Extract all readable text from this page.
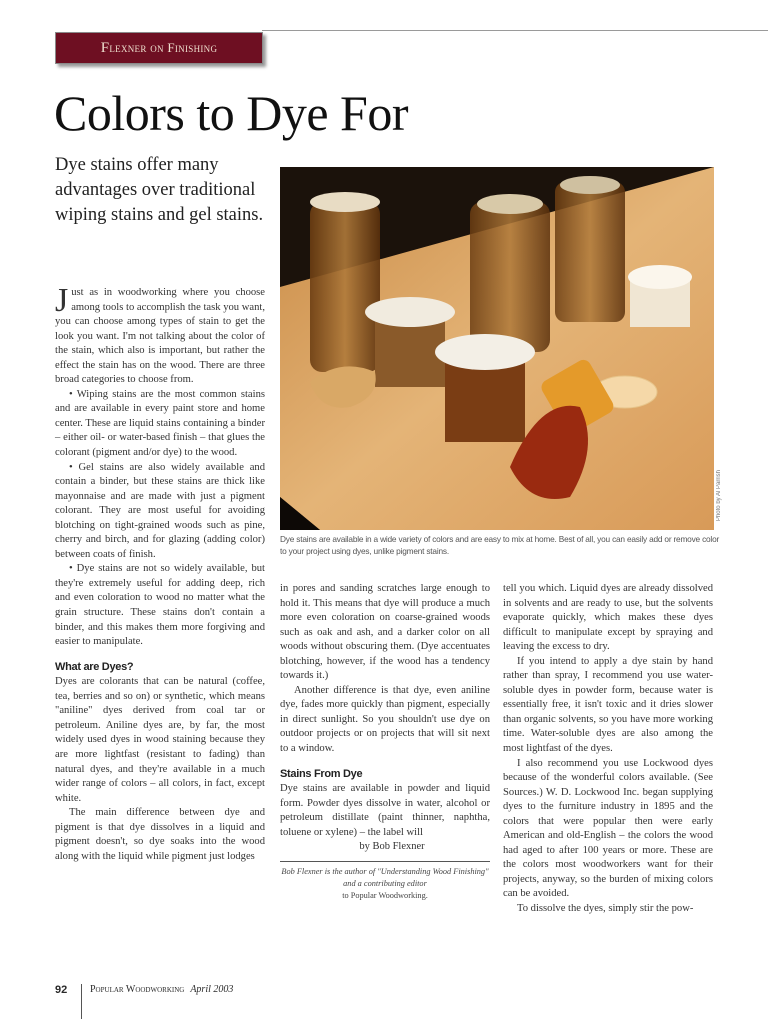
Flexner on Finishing
Colors to Dye For

Dye stains offer many advantages over traditional wiping stains and gel stains.

Photo by Al Parrish
Dye stains are available in a wide variety of colors and are easy to mix at home. Best of all, you can easily add or remove color to your project using dyes, unlike pigment stains.

Just as in woodworking where you choose among tools to accomplish the task you want, you can choose among types of stain to get the look you want. I'm not talking about the color of the stain, which also is important, but rather the effect the stain has on the wood. There are three broad categories to choose from.

• Wiping stains are the most common stains and are available in every paint store and home center. These are liquid stains containing a binder – either oil- or water-based finish – that glues the colorant (pigment and/or dye) to the wood.

• Gel stains are also widely available and contain a binder, but these stains are thick like mayonnaise and are made with just a pigment colorant. They are most useful for avoiding blotching on tight-grained woods such as pine, cherry and birch, and for glazing (adding color) between coats of finish.

• Dye stains are not so widely available, but they're extremely useful for adding deep, rich and even coloration to wood no matter what the grain structure. These stains don't contain a binder, and this makes them more forgiving and easier to manipulate.

What are Dyes?

Dyes are colorants that can be natural (coffee, tea, berries and so on) or synthetic, which means "aniline" dyes derived from coal tar or petroleum. Aniline dyes are, by far, the most widely used dyes in wood staining because they are more lightfast (resistant to fading) than natural dyes, and they're available in a much wider range of colors – all colors, in fact, except white.

The main difference between dye and pigment is that dye dissolves in a liquid and pigment doesn't, so dye soaks into the wood along with the liquid while pigment just lodges

in pores and sanding scratches large enough to hold it. This means that dye will produce a much more even coloration on coarse-grained woods such as oak and ash, and a darker color on all woods without obscuring them. (Dye accentuates blotching, however, if the wood has a tendency towards it.)

Another difference is that dye, even aniline dye, fades more quickly than pigment, especially in direct sunlight. So you shouldn't use dye on outdoor projects or on projects that will sit next to a window.

Stains From Dye

Dye stains are available in powder and liquid form. Powder dyes dissolve in water, alcohol or petroleum distillate (paint thinner, naphtha, toluene or xylene) – the label will

by Bob Flexner

Bob Flexner is the author of "Understanding Wood Finishing" and a contributing editor
to Popular Woodworking.

tell you which. Liquid dyes are already dissolved in solvents and are ready to use, but the solvents evaporate quickly, which makes these dyes difficult to manipulate except by spraying and leaving the excess to dry.

If you intend to apply a dye stain by hand rather than spray, I recommend you use water-soluble dyes in powder form, because water is essentially free, it isn't toxic and it dries slower than organic solvents, so you have more working time. Water-soluble dyes are also among the most lightfast of the dyes.

I also recommend you use Lockwood dyes because of the wonderful colors available. (See Sources.) W. D. Lockwood Inc. began supplying dyes to the furniture industry in 1895 and the colors that were popular then were early American and old-English – the colors the wood had aged to after 100 years or more. These are the colors most woodworkers want for their projects, anyway, so the burden of mixing colors can be avoided.

To dissolve the dyes, simply stir the pow-

92	Popular Woodworking April 2003
